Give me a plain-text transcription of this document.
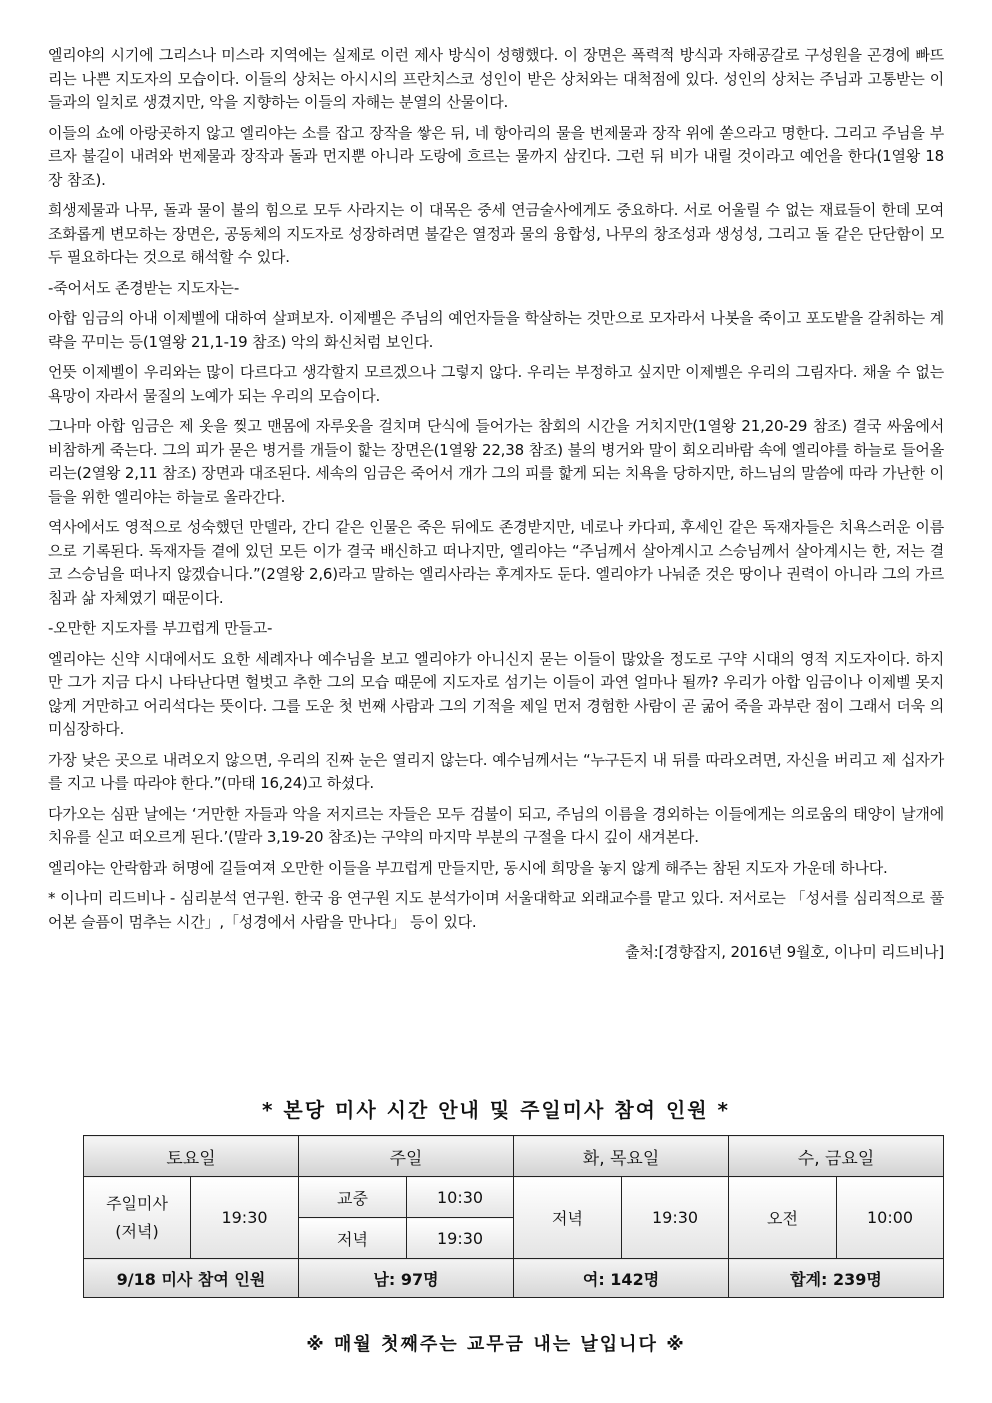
엘리야의 시기에 그리스나 미스라 지역에는 실제로 이런 제사 방식이 성행했다. 이 장면은 폭력적 방식과 자해공갈로 구성원을 곤경에 빠뜨리는 나쁜 지도자의 모습이다. 이들의 상처는 아시시의 프란치스코 성인이 받은 상처와는 대척점에 있다. 성인의 상처는 주님과 고통받는 이들과의 일치로 생겼지만, 악을 지향하는 이들의 자해는 분열의 산물이다.

이들의 쇼에 아랑곳하지 않고 엘리야는 소를 잡고 장작을 쌓은 뒤, 네 항아리의 물을 번제물과 장작 위에 쏟으라고 명한다. 그리고 주님을 부르자 불길이 내려와 번제물과 장작과 돌과 먼지뿐 아니라 도랑에 흐르는 물까지 삼킨다. 그런 뒤 비가 내릴 것이라고 예언을 한다(1열왕 18장 참조).

희생제물과 나무, 돌과 물이 불의 힘으로 모두 사라지는 이 대목은 중세 연금술사에게도 중요하다. 서로 어울릴 수 없는 재료들이 한데 모여 조화롭게 변모하는 장면은, 공동체의 지도자로 성장하려면 불같은 열정과 물의 융합성, 나무의 창조성과 생성성, 그리고 돌 같은 단단함이 모두 필요하다는 것으로 해석할 수 있다.

-죽어서도 존경받는 지도자는-

아합 임금의 아내 이제벨에 대하여 살펴보자. 이제벨은 주님의 예언자들을 학살하는 것만으로 모자라서 나봇을 죽이고 포도밭을 갈취하는 계략을 꾸미는 등(1열왕 21,1-19 참조) 악의 화신처럼 보인다.

언뜻 이제벨이 우리와는 많이 다르다고 생각할지 모르겠으나 그렇지 않다. 우리는 부정하고 싶지만 이제벨은 우리의 그림자다. 채울 수 없는 욕망이 자라서 물질의 노예가 되는 우리의 모습이다.

그나마 아합 임금은 제 옷을 찢고 맨몸에 자루옷을 걸치며 단식에 들어가는 참회의 시간을 거치지만(1열왕 21,20-29 참조) 결국 싸움에서 비참하게 죽는다. 그의 피가 묻은 병거를 개들이 핥는 장면은(1열왕 22,38 참조) 불의 병거와 말이 회오리바람 속에 엘리야를 하늘로 들어올리는(2열왕 2,11 참조) 장면과 대조된다. 세속의 임금은 죽어서 개가 그의 피를 핥게 되는 치욕을 당하지만, 하느님의 말씀에 따라 가난한 이들을 위한 엘리야는 하늘로 올라간다.

역사에서도 영적으로 성숙했던 만델라, 간디 같은 인물은 죽은 뒤에도 존경받지만, 네로나 카다피, 후세인 같은 독재자들은 치욕스러운 이름으로 기록된다. 독재자들 곁에 있던 모든 이가 결국 배신하고 떠나지만, 엘리야는 “주님께서 살아계시고 스승님께서 살아계시는 한, 저는 결코 스승님을 떠나지 않겠습니다.”(2열왕 2,6)라고 말하는 엘리사라는 후계자도 둔다. 엘리야가 나눠준 것은 땅이나 권력이 아니라 그의 가르침과 삶 자체였기 때문이다.

-오만한 지도자를 부끄럽게 만들고-

엘리야는 신약 시대에서도 요한 세례자나 예수님을 보고 엘리야가 아니신지 묻는 이들이 많았을 정도로 구약 시대의 영적 지도자이다. 하지만 그가 지금 다시 나타난다면 헐벗고 추한 그의 모습 때문에 지도자로 섬기는 이들이 과연 얼마나 될까? 우리가 아합 임금이나 이제벨 못지 않게 거만하고 어리석다는 뜻이다. 그를 도운 첫 번째 사람과 그의 기적을 제일 먼저 경험한 사람이 곧 굶어 죽을 과부란 점이 그래서 더욱 의미심장하다.

가장 낮은 곳으로 내려오지 않으면, 우리의 진짜 눈은 열리지 않는다. 예수님께서는 “누구든지 내 뒤를 따라오려면, 자신을 버리고 제 십자가를 지고 나를 따라야 한다.”(마태 16,24)고 하셨다.

다가오는 심판 날에는 ‘거만한 자들과 악을 저지르는 자들은 모두 검불이 되고, 주님의 이름을 경외하는 이들에게는 의로움의 태양이 날개에 치유를 싣고 떠오르게 된다.’(말라 3,19-20 참조)는 구약의 마지막 부분의 구절을 다시 깊이 새겨본다.

엘리야는 안락함과 허명에 길들여져 오만한 이들을 부끄럽게 만들지만, 동시에 희망을 놓지 않게 해주는 참된 지도자 가운데 하나다.

* 이나미 리드비나 - 심리분석 연구원. 한국 융 연구원 지도 분석가이며 서울대학교 외래교수를 맡고 있다. 저서로는 「성서를 심리적으로 풀어본 슬픔이 멈추는 시간」,「성경에서 사람을 만나다」 등이 있다.

출처:[경향잡지, 2016년 9월호, 이나미 리드비나]

* 본당 미사 시간 안내 및 주일미사 참여 인원 *
토요일		주일		화, 목요일		수, 금요일	

주일미사
(저녁)	19:30	교중	10:30	저녁	19:30	오전	10:00
		저녁	19:30				
9/18 미사 참여 인원		남: 97명		여: 142명		합계: 239명	
※ 매월 첫째주는 교무금 내는 날입니다 ※
